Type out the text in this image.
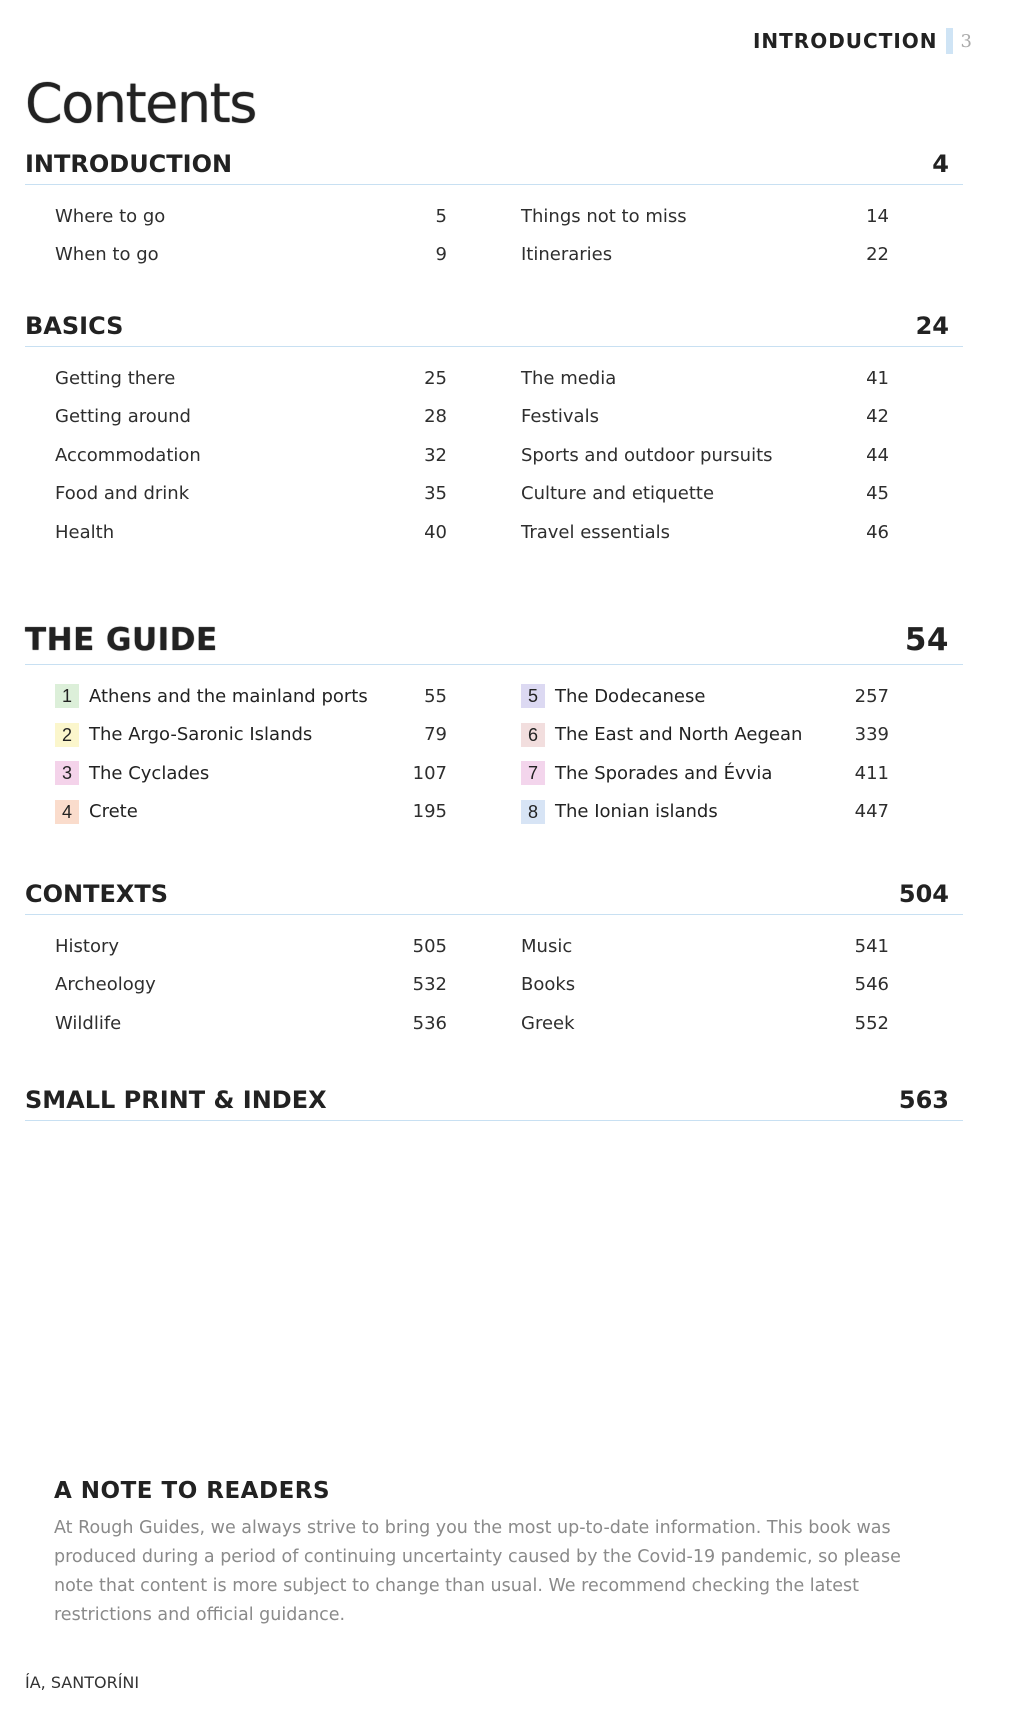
INTRODUCTION 3
Contents
INTRODUCTION	4
Where to go	5
When to go	9
Things not to miss	14
Itineraries	22
BASICS	24
Getting there	25
Getting around	28
Accommodation	32
Food and drink	35
Health	40
The media	41
Festivals	42
Sports and outdoor pursuits	44
Culture and etiquette	45
Travel essentials	46
THE GUIDE	54
1 Athens and the mainland ports	55
2 The Argo-Saronic Islands	79
3 The Cyclades	107
4 Crete	195
5 The Dodecanese	257
6 The East and North Aegean	339
7 The Sporades and Évvia	411
8 The Ionian islands	447
CONTEXTS	504
History	505
Archeology	532
Wildlife	536
Music	541
Books	546
Greek	552
SMALL PRINT & INDEX	563
A NOTE TO READERS

At Rough Guides, we always strive to bring you the most up-to-date information. This book was produced during a period of continuing uncertainty caused by the Covid-19 pandemic, so please note that content is more subject to change than usual. We recommend checking the latest restrictions and official guidance.

ÍA, SANTORÍNI
